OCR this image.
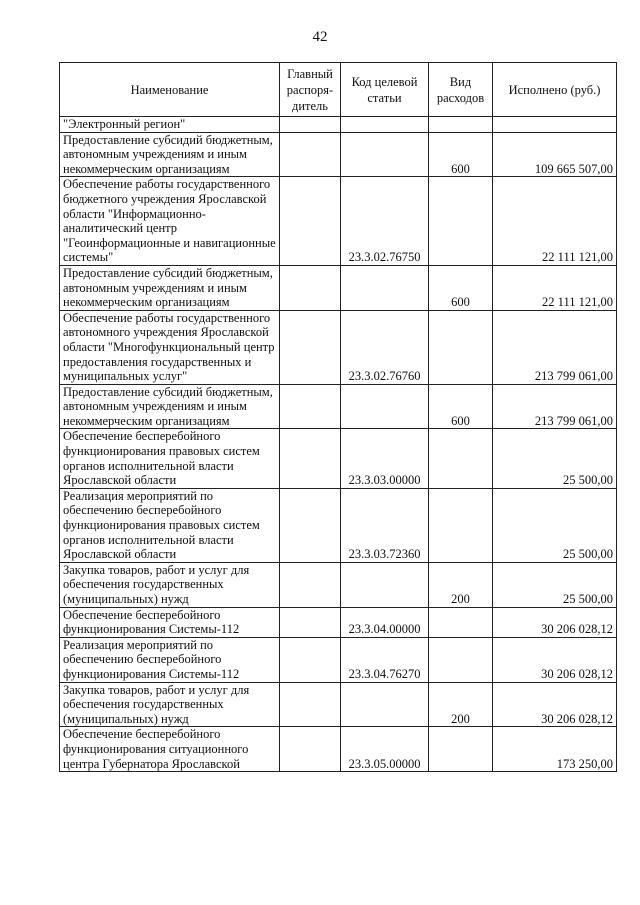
42
Наименование	Главный распоря- дитель	Код целевой статьи	Вид расходов	Исполнено (руб.)
"Электронный регион"				
Предоставление субсидий бюджетным, автономным учреждениям и иным некоммерческим организациям			600	109 665 507,00
Обеспечение работы государственного бюджетного учреждения Ярославской области "Информационно-аналитический центр "Геоинформационные и навигационные системы"		23.3.02.76750		22 111 121,00
Предоставление субсидий бюджетным, автономным учреждениям и иным некоммерческим организациям			600	22 111 121,00
Обеспечение работы государственного автономного учреждения Ярославской области "Многофункциональный центр предоставления государственных и муниципальных услуг"		23.3.02.76760		213 799 061,00
Предоставление субсидий бюджетным, автономным учреждениям и иным некоммерческим организациям			600	213 799 061,00
Обеспечение бесперебойного функционирования правовых систем органов исполнительной власти Ярославской области		23.3.03.00000		25 500,00
Реализация мероприятий по обеспечению бесперебойного функционирования правовых систем органов исполнительной власти Ярославской области		23.3.03.72360		25 500,00
Закупка товаров, работ и услуг для обеспечения государственных (муниципальных) нужд			200	25 500,00
Обеспечение бесперебойного функционирования Системы-112		23.3.04.00000		30 206 028,12
Реализация мероприятий по обеспечению бесперебойного функционирования Системы-112		23.3.04.76270		30 206 028,12
Закупка товаров, работ и услуг для обеспечения государственных (муниципальных) нужд			200	30 206 028,12
Обеспечение бесперебойного функционирования ситуационного центра Губернатора Ярославской		23.3.05.00000		173 250,00
